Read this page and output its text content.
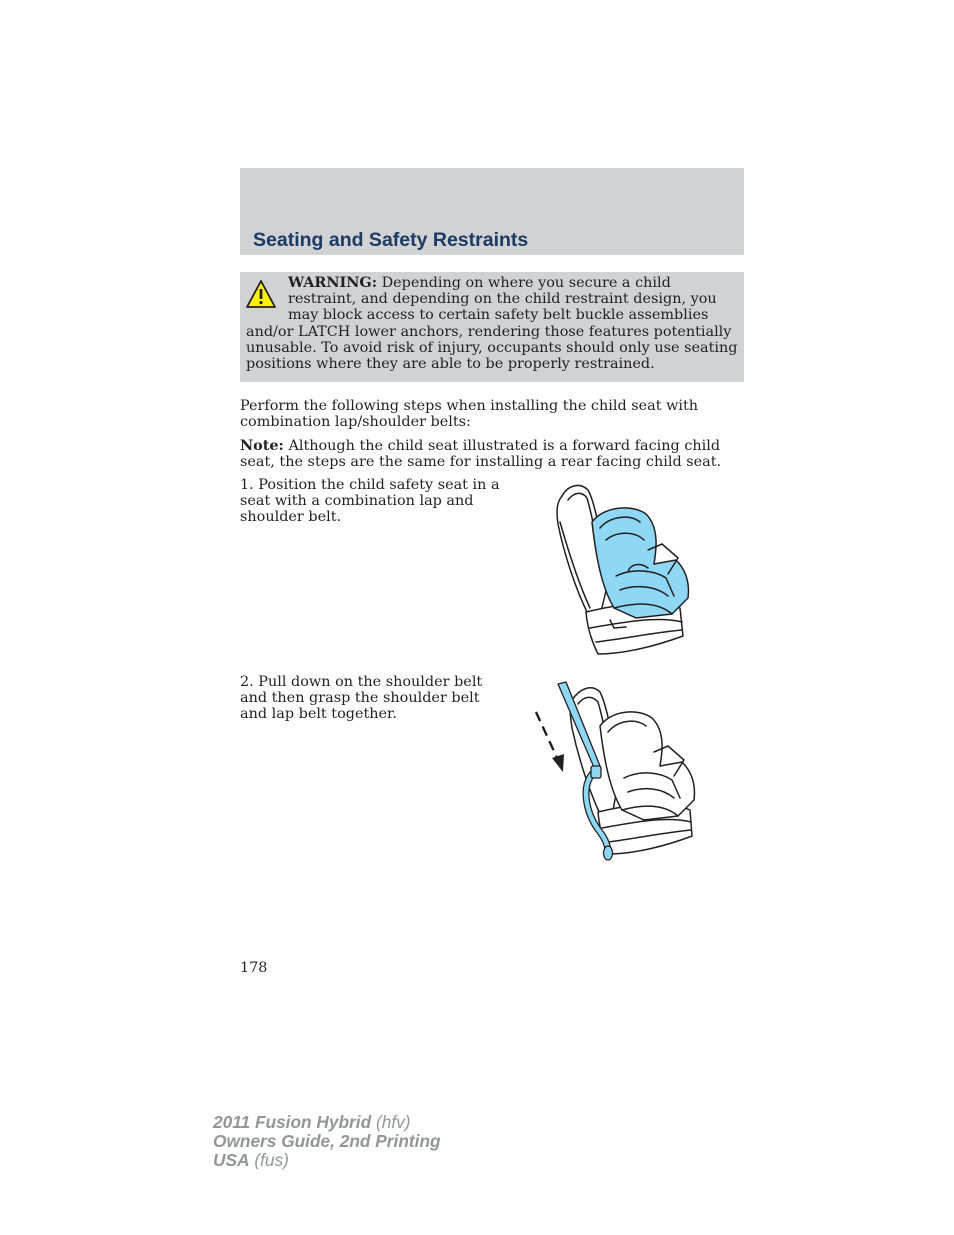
Seating and Safety Restraints

WARNING: Depending on where you secure a child restraint, and depending on the child restraint design, you may block access to certain safety belt buckle assemblies and/or LATCH lower anchors, rendering those features potentially unusable. To avoid risk of injury, occupants should only use seating positions where they are able to be properly restrained.

Perform the following steps when installing the child seat with combination lap/shoulder belts:

Note: Although the child seat illustrated is a forward facing child seat, the steps are the same for installing a rear facing child seat.

1. Position the child safety seat in a seat with a combination lap and shoulder belt.

2. Pull down on the shoulder belt and then grasp the shoulder belt and lap belt together.

178
2011 Fusion Hybrid (hfv)
Owners Guide, 2nd Printing
USA (fus)
